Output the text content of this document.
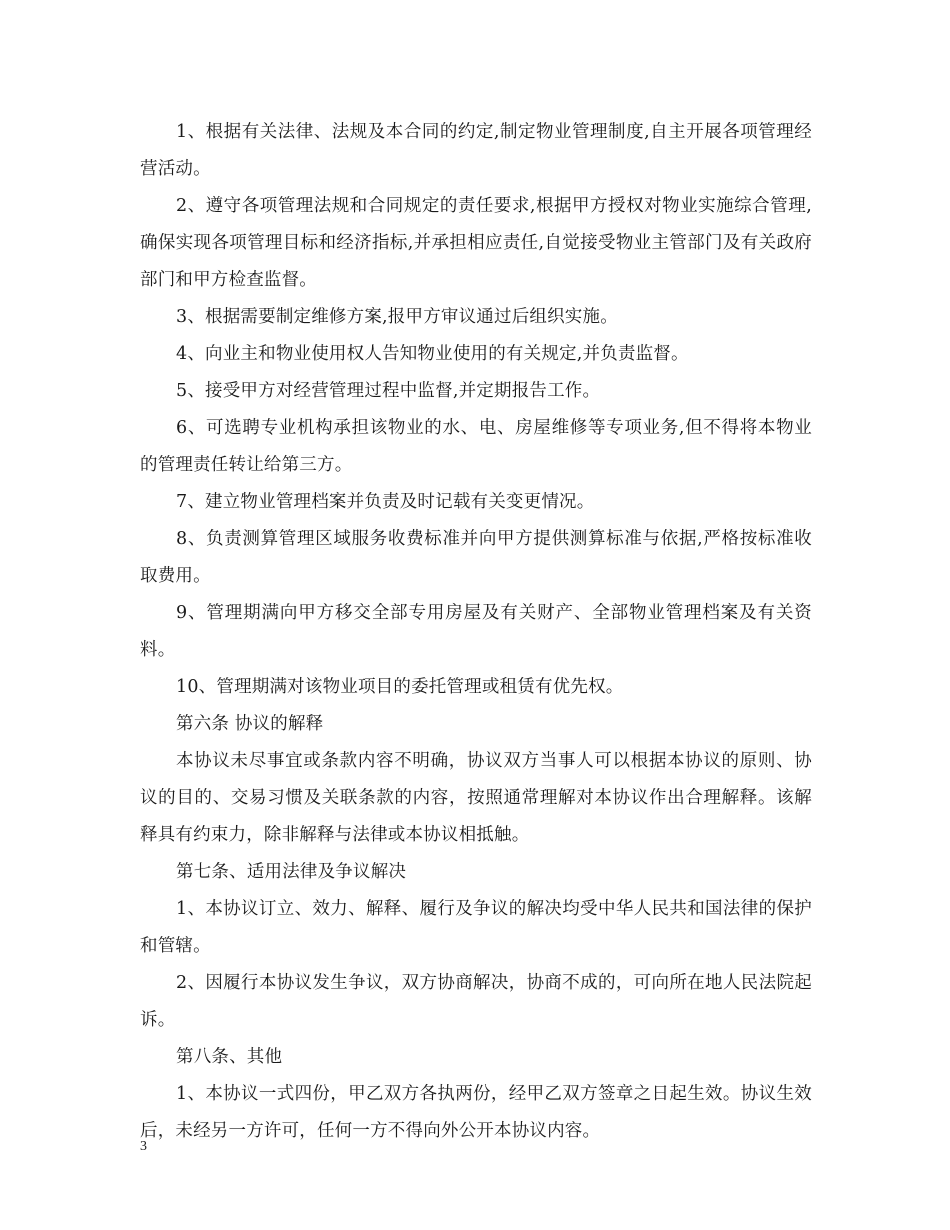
1、根据有关法律、法规及本合同的约定,制定物业管理制度,自主开展各项管理经营活动。

2、遵守各项管理法规和合同规定的责任要求,根据甲方授权对物业实施综合管理,确保实现各项管理目标和经济指标,并承担相应责任,自觉接受物业主管部门及有关政府部门和甲方检查监督。

3、根据需要制定维修方案,报甲方审议通过后组织实施。

4、向业主和物业使用权人告知物业使用的有关规定,并负责监督。

5、接受甲方对经营管理过程中监督,并定期报告工作。

6、可选聘专业机构承担该物业的水、电、房屋维修等专项业务,但不得将本物业的管理责任转让给第三方。

7、建立物业管理档案并负责及时记载有关变更情况。

8、负责测算管理区域服务收费标准并向甲方提供测算标准与依据,严格按标准收取费用。

9、管理期满向甲方移交全部专用房屋及有关财产、全部物业管理档案及有关资料。

10、管理期满对该物业项目的委托管理或租赁有优先权。

第六条 协议的解释

本协议未尽事宜或条款内容不明确，协议双方当事人可以根据本协议的原则、协议的目的、交易习惯及关联条款的内容，按照通常理解对本协议作出合理解释。该解释具有约束力，除非解释与法律或本协议相抵触。

第七条、适用法律及争议解决

1、本协议订立、效力、解释、履行及争议的解决均受中华人民共和国法律的保护和管辖。

2、因履行本协议发生争议，双方协商解决，协商不成的，可向所在地人民法院起诉。

第八条、其他

1、本协议一式四份，甲乙双方各执两份，经甲乙双方签章之日起生效。协议生效后，未经另一方许可，任何一方不得向外公开本协议内容。

3
